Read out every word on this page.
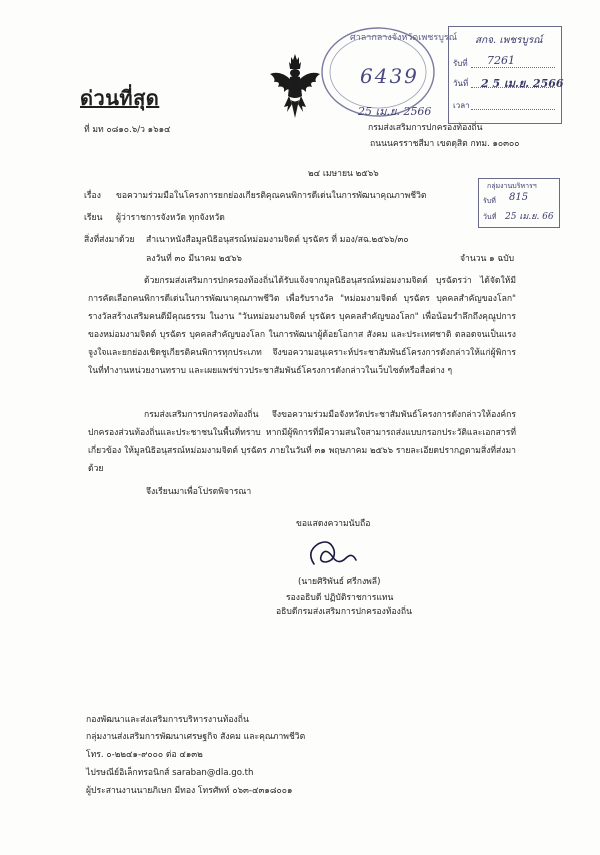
ด่วนที่สุด
ที่ มท ๐๘๑๐.๖/ว ๑๖๑๔
ศาลากลางจังหวัดเพชรบูรณ์
6439
25 เม.ย. 2566
กรมส่งเสริมการปกครองท้องถิ่น
ถนนนครราชสีมา เขตดุสิต กทม. ๑๐๓๐๐
สกจ. เพชรบูรณ์
รับที่ 7261
วันที่ 2 5 เม.ย. 2566
เวลา
๒๔ เมษายน ๒๕๖๖
กลุ่มงานบริหารฯ
รับที่ 815
วันที่ 25 เม.ย. 66
เรื่อง ขอความร่วมมือในโครงการยกย่องเกียรติคุณคนพิการดีเด่นในการพัฒนาคุณภาพชีวิต
เรียน ผู้ว่าราชการจังหวัด ทุกจังหวัด
สิ่งที่ส่งมาด้วย สำเนาหนังสือมูลนิธิอนุสรณ์หม่อมงามจิตต์ บุรฉัตร ที่ มอง/สฉ.๒๕๖๖/๓๐
ลงวันที่ ๓๐ มีนาคม ๒๕๖๖	จำนวน ๑ ฉบับ
ด้วยกรมส่งเสริมการปกครองท้องถิ่นได้รับแจ้งจากมูลนิธิอนุสรณ์หม่อมงามจิตต์ บุรฉัตรว่า ได้จัดให้มีการคัดเลือกคนพิการดีเด่นในการพัฒนาคุณภาพชีวิต เพื่อรับรางวัล "หม่อมงามจิตต์ บุรฉัตร บุคคลสำคัญของโลก" รางวัลสร้างเสริมคนดีมีคุณธรรม ในงาน "วันหม่อมงามจิตต์ บุรฉัตร บุคคลสำคัญของโลก" เพื่อน้อมรำลึกถึงคุณูปการของหม่อมงามจิตต์ บุรฉัตร บุคคลสำคัญของโลก ในการพัฒนาผู้ด้อยโอกาส สังคม และประเทศชาติ ตลอดจนเป็นแรงจูงใจและยกย่องเชิดชูเกียรติคนพิการทุกประเภท จึงขอความอนุเคราะห์ประชาสัมพันธ์โครงการดังกล่าวให้แก่ผู้พิการในที่ทำงานหน่วยงานทราบ และเผยแพร่ข่าวประชาสัมพันธ์โครงการดังกล่าวในเว็บไซต์หรือสื่อต่าง ๆ
กรมส่งเสริมการปกครองท้องถิ่น จึงขอความร่วมมือจังหวัดประชาสัมพันธ์โครงการดังกล่าวให้องค์กรปกครองส่วนท้องถิ่นและประชาชนในพื้นที่ทราบ หากมีผู้พิการที่มีความสนใจสามารถส่งแบบกรอกประวัติและเอกสารที่เกี่ยวข้อง ให้มูลนิธิอนุสรณ์หม่อมงามจิตต์ บุรฉัตร ภายในวันที่ ๓๑ พฤษภาคม ๒๕๖๖ รายละเอียดปรากฏตามสิ่งที่ส่งมาด้วย
จึงเรียนมาเพื่อโปรดพิจารณา
ขอแสดงความนับถือ
(นายศิริพันธ์ ศรีกงพลี)
รองอธิบดี ปฏิบัติราชการแทน
อธิบดีกรมส่งเสริมการปกครองท้องถิ่น
กองพัฒนาและส่งเสริมการบริหารงานท้องถิ่น
กลุ่มงานส่งเสริมการพัฒนาเศรษฐกิจ สังคม และคุณภาพชีวิต
โทร. ๐-๒๒๔๑-๙๐๐๐ ต่อ ๔๑๓๒
ไปรษณีย์อิเล็กทรอนิกส์ saraban@dla.go.th
ผู้ประสานงานนายภิเษก มีทอง โทรศัพท์ ๐๖๓-๔๓๑๘๐๐๑
